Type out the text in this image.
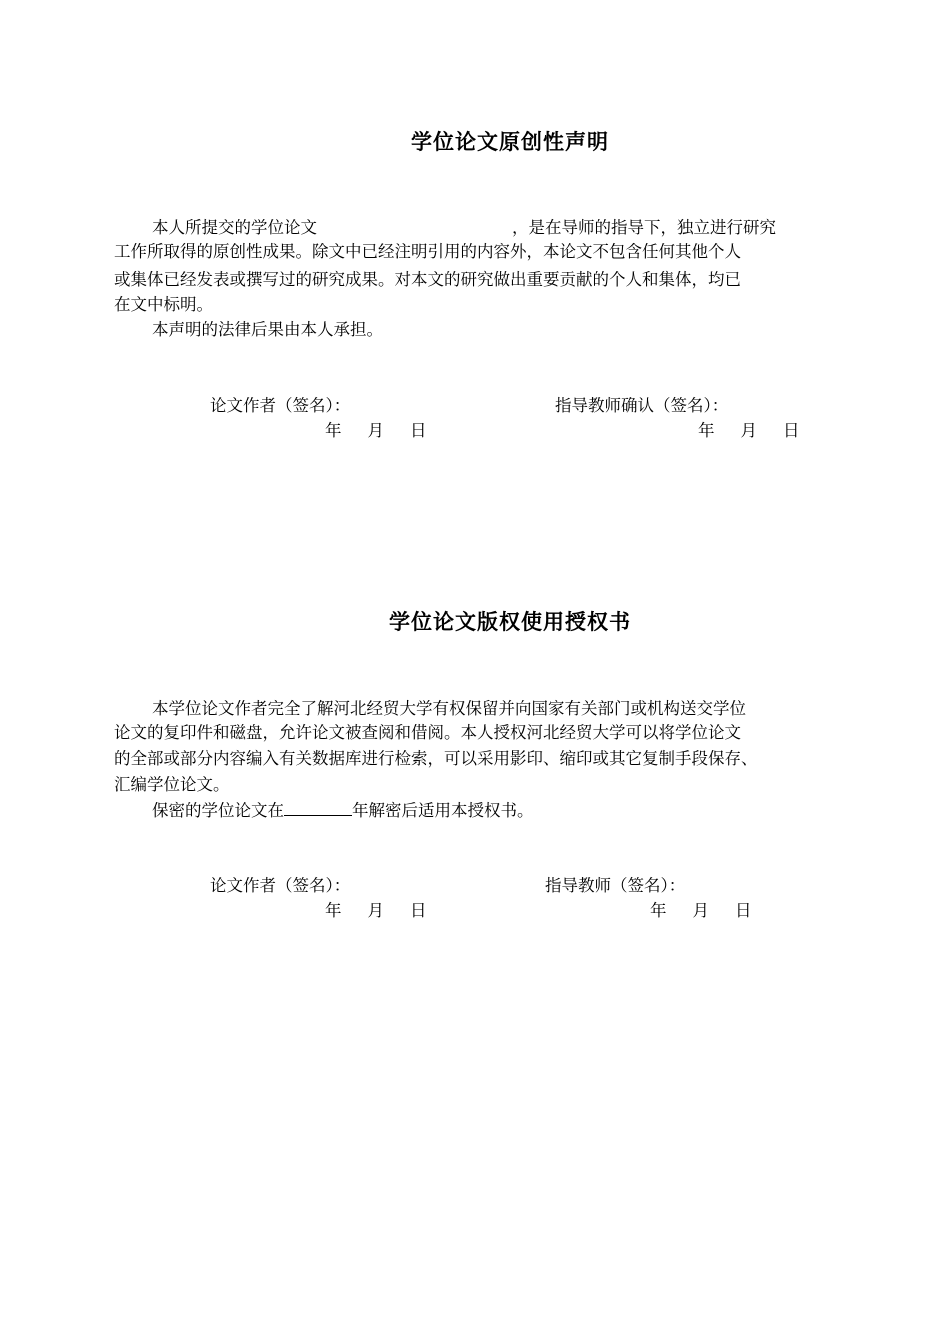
学位论文原创性声明

本人所提交的学位论文	，是在导师的指导下，独立进行研究

工作所取得的原创性成果。除文中已经注明引用的内容外，本论文不包含任何其他个人

或集体已经发表或撰写过的研究成果。对本文的研究做出重要贡献的个人和集体，均已

在文中标明。

本声明的法律后果由本人承担。

论文作者（签名）：	指导教师确认（签名）：

年 月 日	年 月 日

学位论文版权使用授权书

本学位论文作者完全了解河北经贸大学有权保留并向国家有关部门或机构送交学位

论文的复印件和磁盘，允许论文被查阅和借阅。本人授权河北经贸大学可以将学位论文

的全部或部分内容编入有关数据库进行检索，可以采用影印、缩印或其它复制手段保存、

汇编学位论文。

保密的学位论文在	年解密后适用本授权书。

论文作者（签名）：	指导教师（签名）：

年 月 日	年 月 日
